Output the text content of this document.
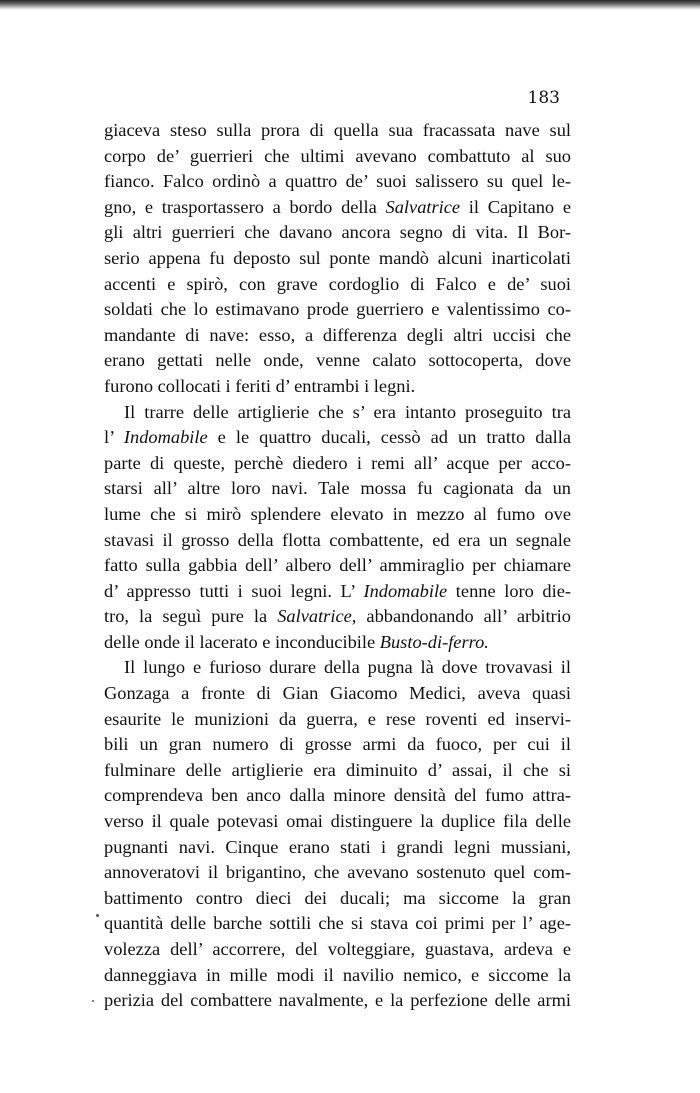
183
giaceva steso sulla prora di quella sua fracassata nave sul
corpo de’ guerrieri che ultimi avevano combattuto al suo
fianco. Falco ordinò a quattro de’ suoi salissero su quel le-
gno, e trasportassero a bordo della Salvatrice il Capitano e
gli altri guerrieri che davano ancora segno di vita. Il Bor-
serio appena fu deposto sul ponte mandò alcuni inarticolati
accenti e spirò, con grave cordoglio di Falco e de’ suoi
soldati che lo estimavano prode guerriero e valentissimo co-
mandante di nave: esso, a differenza degli altri uccisi che
erano gettati nelle onde, venne calato sottocoperta, dove
furono collocati i feriti d’ entrambi i legni.
Il trarre delle artiglierie che s’ era intanto proseguito tra
l’ Indomabile e le quattro ducali, cessò ad un tratto dalla
parte di queste, perchè diedero i remi all’ acque per acco-
starsi all’ altre loro navi. Tale mossa fu cagionata da un
lume che si mirò splendere elevato in mezzo al fumo ove
stavasi il grosso della flotta combattente, ed era un segnale
fatto sulla gabbia dell’ albero dell’ ammiraglio per chiamare
d’ appresso tutti i suoi legni. L’ Indomabile tenne loro die-
tro, la seguì pure la Salvatrice, abbandonando all’ arbitrio
delle onde il lacerato e inconducibile Busto-di-ferro.
Il lungo e furioso durare della pugna là dove trovavasi il
Gonzaga a fronte di Gian Giacomo Medici, aveva quasi
esaurite le munizioni da guerra, e rese roventi ed inservi-
bili un gran numero di grosse armi da fuoco, per cui il
fulminare delle artiglierie era diminuito d’ assai, il che si
comprendeva ben anco dalla minore densità del fumo attra-
verso il quale potevasi omai distinguere la duplice fila delle
pugnanti navi. Cinque erano stati i grandi legni mussiani,
annoveratovi il brigantino, che avevano sostenuto quel com-
battimento contro dieci dei ducali; ma siccome la gran
quantità delle barche sottili che si stava coi primi per l’ age-
volezza dell’ accorrere, del volteggiare, guastava, ardeva e
danneggiava in mille modi il navilio nemico, e siccome la
perizia del combattere navalmente, e la perfezione delle armi
